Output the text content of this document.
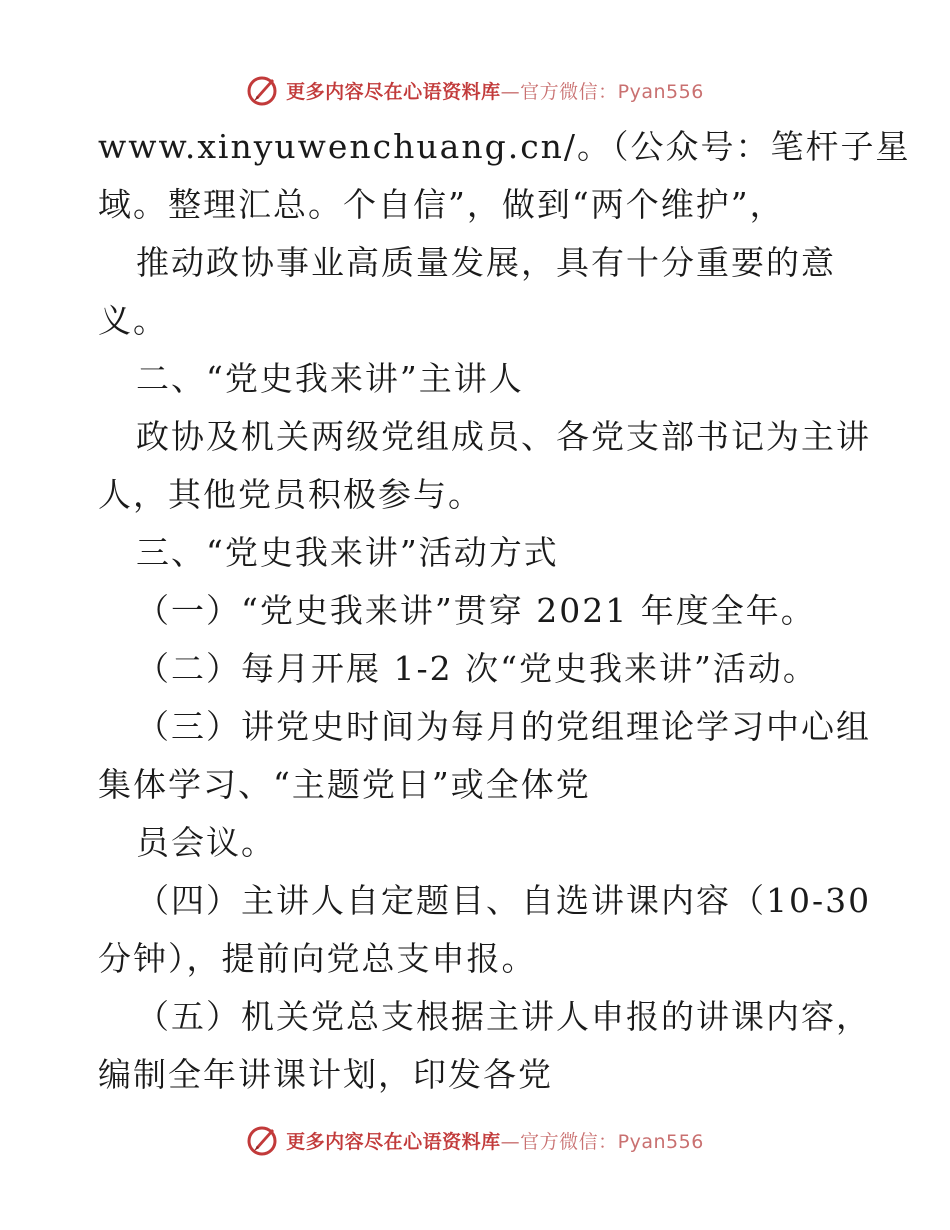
更多内容尽在心语资料库—官方微信：Pyan556
www.xinyuwenchuang.cn/。（公众号：笔杆子星
域。整理汇总。个自信”，做到“两个维护”，
推动政协事业高质量发展，具有十分重要的意
义。
二、“党史我来讲”主讲人
政协及机关两级党组成员、各党支部书记为主讲
人，其他党员积极参与。
三、“党史我来讲”活动方式
（一）“党史我来讲”贯穿 2021 年度全年。
（二）每月开展 1-2 次“党史我来讲”活动。
（三）讲党史时间为每月的党组理论学习中心组
集体学习、“主题党日”或全体党
员会议。
（四）主讲人自定题目、自选讲课内容（10-30
分钟），提前向党总支申报。
（五）机关党总支根据主讲人申报的讲课内容，
编制全年讲课计划，印发各党
更多内容尽在心语资料库—官方微信：Pyan556
